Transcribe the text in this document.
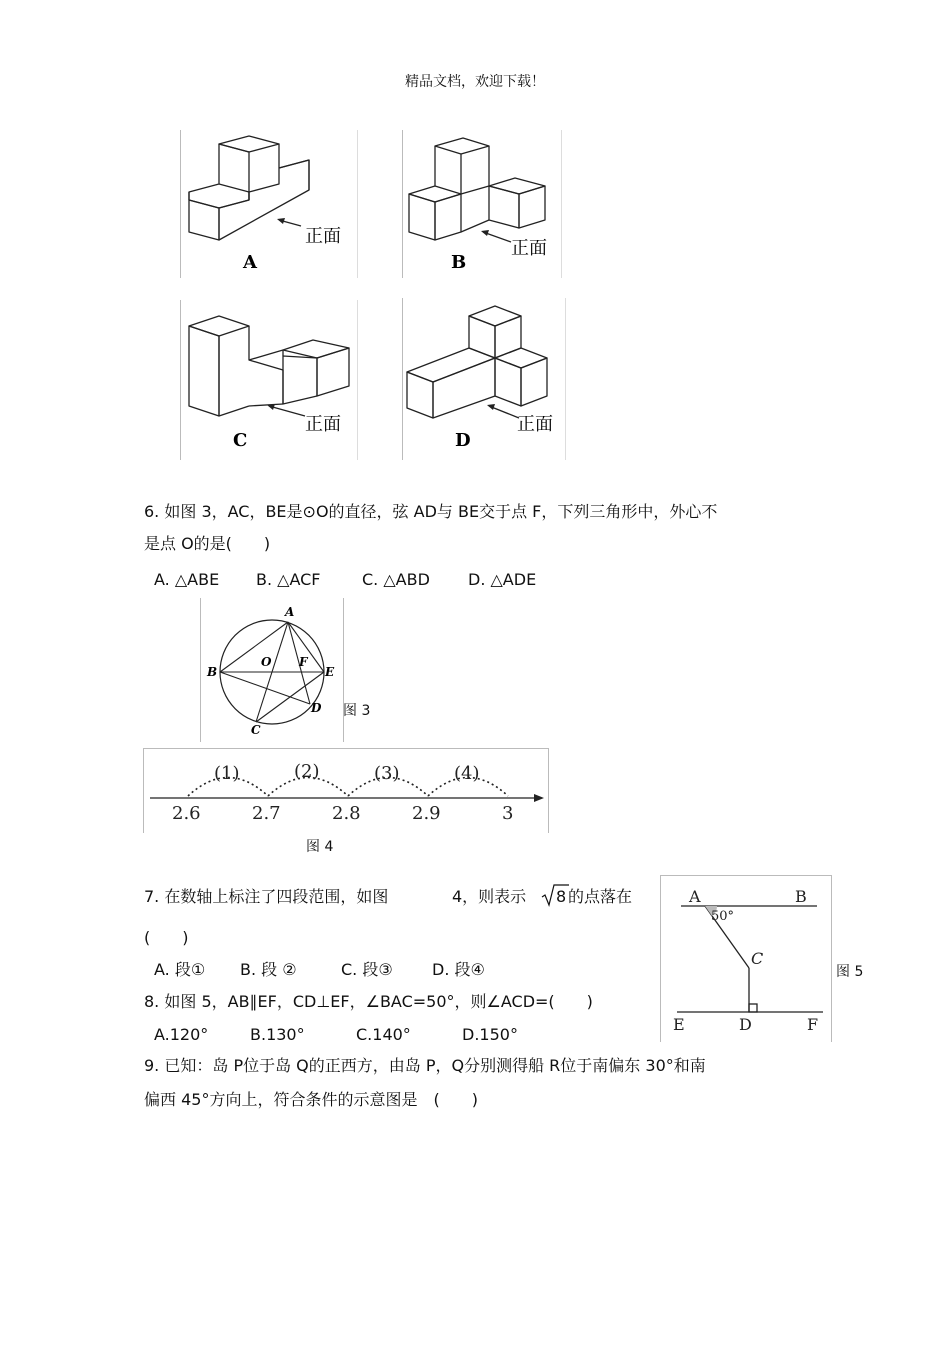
精品文档，欢迎下载！
正面
A
正面
B
正面
C
正面
D
6. 如图 3，AC，BE是⊙O的直径，弦 AD与 BE交于点 F，下列三角形中，外心不
是点 O的是(　　)
A. △ABE B. △ACF	C. △ABD D. △ADE
A
B
O F
E
D
C
图 3
(1)	(2)	(3)	(4)
2.6	2.7	2.8	2.9	3
图 4
7. 在数轴上标注了四段范围，如图	4，则表示 8 的点落在
(　　)
A. 段① B. 段 ②	C. 段③ D. 段④
8. 如图 5，AB∥EF，CD⊥EF，∠BAC=50°，则∠ACD=(　　)
A.120°	B.130°	C.140°	D.150°
A	B
50°
C
E	D	F
图 5
9. 已知：岛 P位于岛 Q的正西方，由岛 P，Q分别测得船 R位于南偏东 30°和南
偏西 45°方向上，符合条件的示意图是　(　　)
